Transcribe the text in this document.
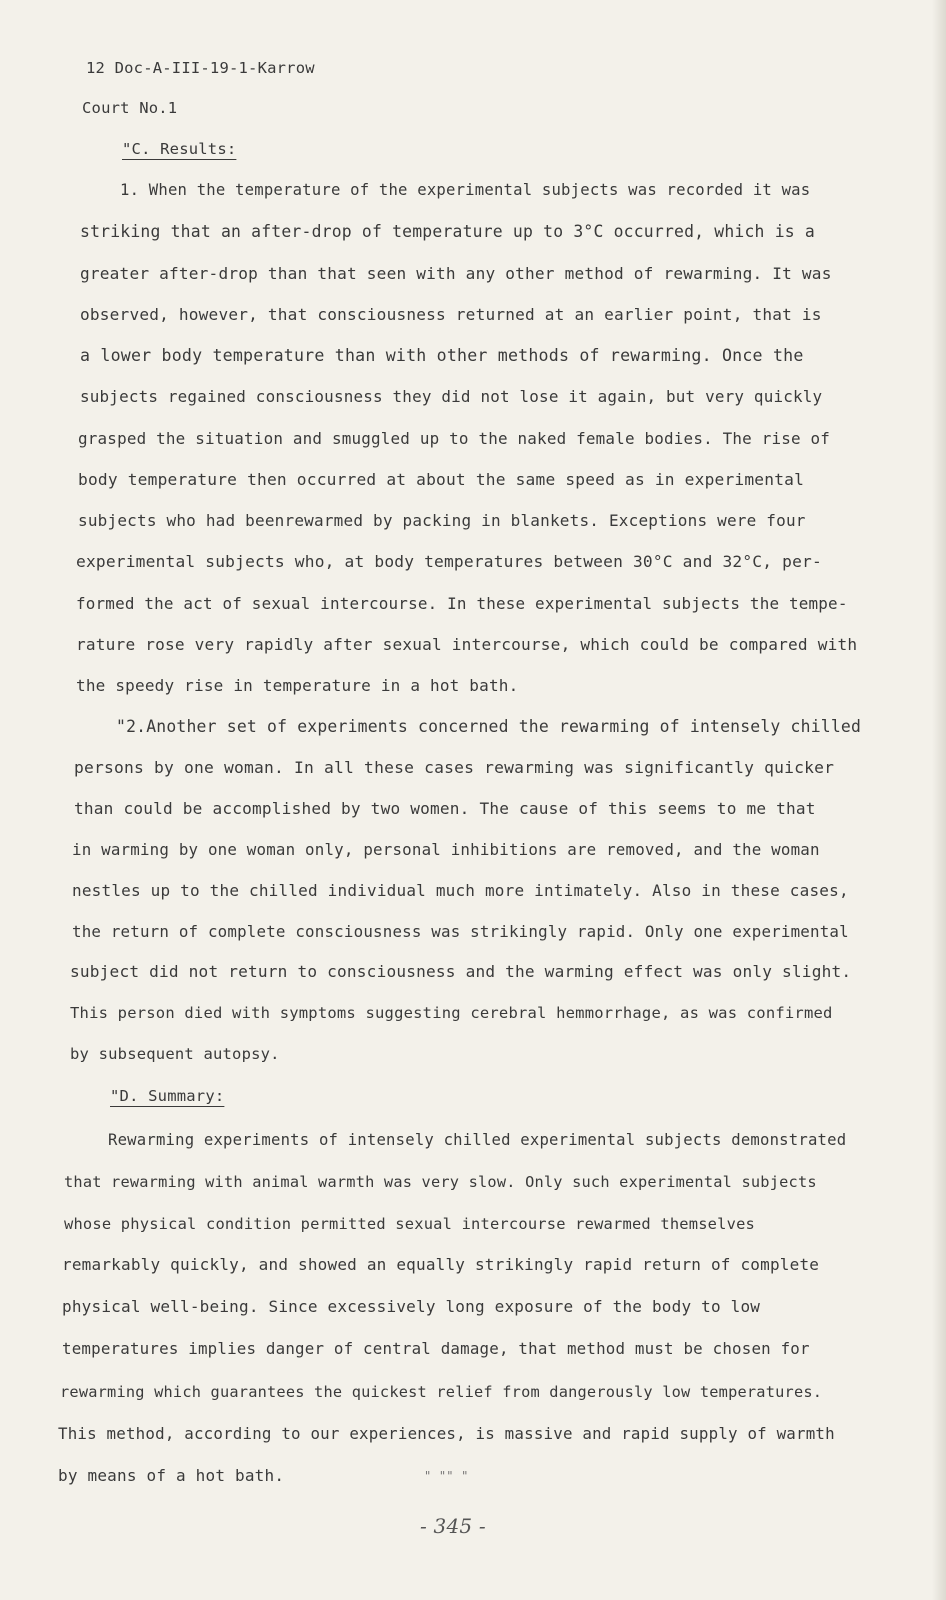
12 Doc-A-III-19-1-Karrow
Court No.1
"C. Results:
1. When the temperature of the experimental subjects was recorded it was
striking that an after-drop of temperature up to 3°C occurred, which is a
greater after-drop than that seen with any other method of rewarming. It was
observed, however, that consciousness returned at an earlier point, that is
a lower body temperature than with other methods of rewarming. Once the
subjects regained consciousness they did not lose it again, but very quickly
grasped the situation and smuggled up to the naked female bodies. The rise of
body temperature then occurred at about the same speed as in experimental
subjects who had beenrewarmed by packing in blankets. Exceptions were four
experimental subjects who, at body temperatures between 30°C and 32°C, per-
formed the act of sexual intercourse. In these experimental subjects the tempe-
rature rose very rapidly after sexual intercourse, which could be compared with
the speedy rise in temperature in a hot bath.
"2.Another set of experiments concerned the rewarming of intensely chilled
persons by one woman. In all these cases rewarming was significantly quicker
than could be accomplished by two women. The cause of this seems to me that
in warming by one woman only, personal inhibitions are removed, and the woman
nestles up to the chilled individual much more intimately. Also in these cases,
the return of complete consciousness was strikingly rapid. Only one experimental
subject did not return to consciousness and the warming effect was only slight.
This person died with symptoms suggesting cerebral hemmorrhage, as was confirmed
by subsequent autopsy.
"D. Summary:
Rewarming experiments of intensely chilled experimental subjects demonstrated
that rewarming with animal warmth was very slow. Only such experimental subjects
whose physical condition permitted sexual intercourse rewarmed themselves
remarkably quickly, and showed an equally strikingly rapid return of complete
physical well-being. Since excessively long exposure of the body to low
temperatures implies danger of central damage, that method must be chosen for
rewarming which guarantees the quickest relief from dangerously low temperatures.
This method, according to our experiences, is massive and rapid supply of warmth
by means of a hot bath.	" "" "
- 345 -
